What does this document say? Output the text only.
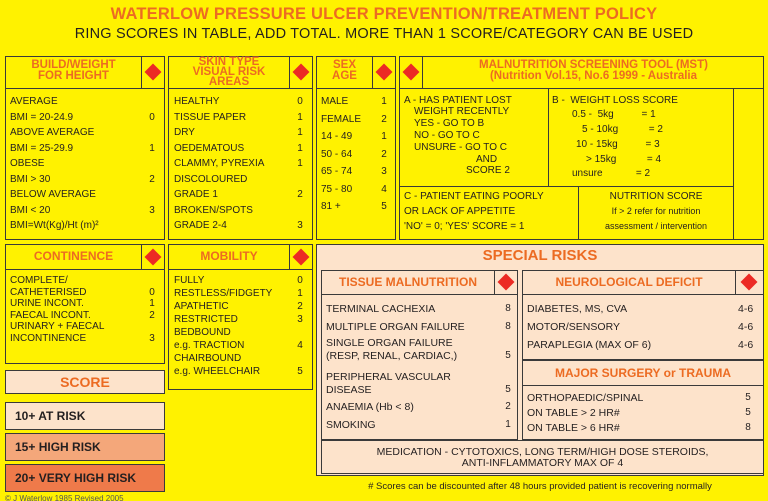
WATERLOW PRESSURE ULCER PREVENTION/TREATMENT POLICY
RING SCORES IN TABLE, ADD TOTAL. MORE THAN 1 SCORE/CATEGORY CAN BE USED
BUILD/WEIGHT
FOR HEIGHT
AVERAGE
BMI = 20-24.9	0
ABOVE AVERAGE
BMI = 25-29.9	1
OBESE
BMI > 30	2
BELOW AVERAGE
BMI < 20	3
BMI=Wt(Kg)/Ht (m)²
HEALTHY	0
TISSUE PAPER	1
DRY	1
OEDEMATOUS	1
CLAMMY, PYREXIA	1
DISCOLOURED
GRADE 1	2
BROKEN/SPOTS
GRADE 2-4	3
MALE	1
FEMALE	2
14 - 49	1
50 - 64	2
65 - 74	3
75 - 80	4
81 +	5
SKIN TYPE
VISUAL RISK
AREAS
SEX
AGE
MALNUTRITION SCREENING TOOL (MST)
(Nutrition Vol.15, No.6 1999 - Australia
A - HAS PATIENT LOST
WEIGHT RECENTLY
YES - GO TO B
NO - GO TO C
UNSURE - GO TO C
AND
SCORE 2
B -  WEIGHT LOSS SCORE
0.5 -  5kg          = 1
5 - 10kg           = 2
10 - 15kg          = 3
> 15kg           = 4
unsure            = 2
C - PATIENT EATING POORLY
OR LACK OF APPETITE
'NO' = 0; 'YES' SCORE = 1
NUTRITION SCORE
If > 2 refer for nutrition
assessment / intervention
CONTINENCE	MOBILITY
COMPLETE/
CATHETERISED	0
URINE INCONT.	1
FAECAL INCONT.	2
URINARY + FAECAL
INCONTINENCE	3
FULLY	0
RESTLESS/FIDGETY	1
APATHETIC	2
RESTRICTED	3
BEDBOUND
e.g. TRACTION	4
CHAIRBOUND
e.g. WHEELCHAIR	5
SCORE
10+ AT RISK
15+ HIGH RISK
20+ VERY HIGH RISK
SPECIAL RISKS
TISSUE MALNUTRITION	NEUROLOGICAL DEFICIT
MAJOR SURGERY or TRAUMA
TERMINAL CACHEXIA	8
MULTIPLE ORGAN FAILURE	8
SINGLE ORGAN FAILURE
(RESP, RENAL, CARDIAC,)	5
PERIPHERAL VASCULAR
DISEASE	5
ANAEMIA (Hb < 8)	2
SMOKING	1
DIABETES, MS, CVA	4-6
MOTOR/SENSORY	4-6
PARAPLEGIA (MAX OF 6)	4-6
ORTHOPAEDIC/SPINAL	5
ON TABLE > 2 HR#	5
ON TABLE > 6 HR#	8
MEDICATION - CYTOTOXICS, LONG TERM/HIGH DOSE STEROIDS,
ANTI-INFLAMMATORY MAX OF 4
# Scores can be discounted after 48 hours provided patient is recovering normally
© J Waterlow 1985 Revised 2005
